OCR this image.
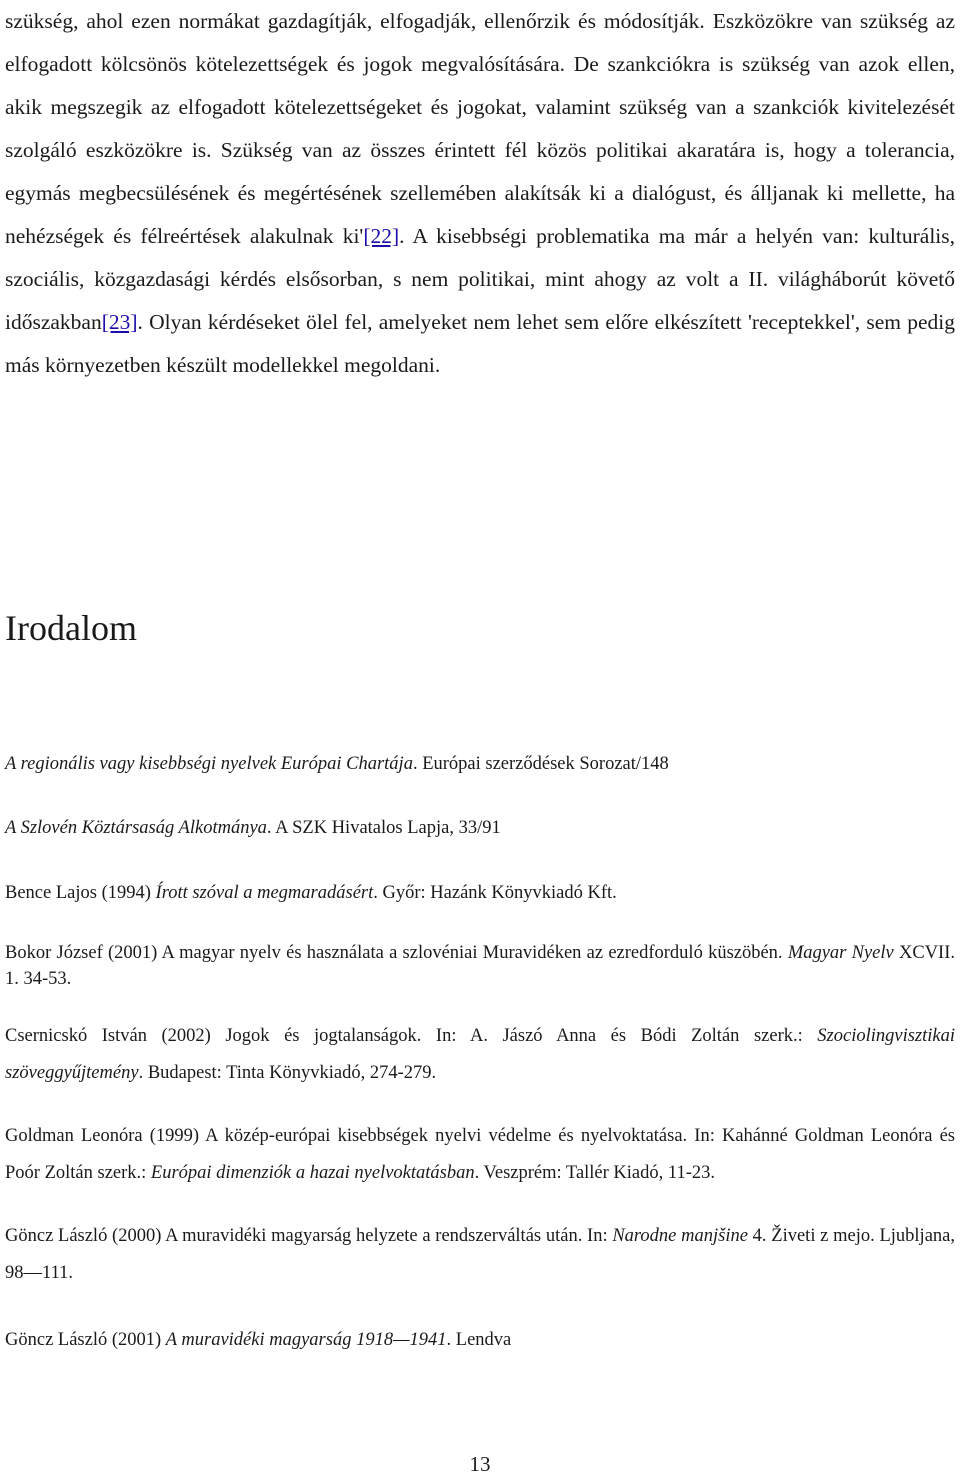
szükség, ahol ezen normákat gazdagítják, elfogadják, ellenőrzik és módosítják. Eszközökre van szükség az elfogadott kölcsönös kötelezettségek és jogok megvalósítására. De szankciókra is szükség van azok ellen, akik megszegik az elfogadott kötelezettségeket és jogokat, valamint szükség van a szankciók kivitelezését szolgáló eszközökre is. Szükség van az összes érintett fél közös politikai akaratára is, hogy a tolerancia, egymás megbecsülésének és megértésének szellemében alakítsák ki a dialógust, és álljanak ki mellette, ha nehézségek és félreértések alakulnak ki'[22]. A kisebbségi problematika ma már a helyén van: kulturális, szociális, közgazdasági kérdés elsősorban, s nem politikai, mint ahogy az volt a II. világháborút követő időszakban[23]. Olyan kérdéseket ölel fel, amelyeket nem lehet sem előre elkészített 'receptekkel', sem pedig más környezetben készült modellekkel megoldani.

Irodalom

A regionális vagy kisebbségi nyelvek Európai Chartája. Európai szerződések Sorozat/148

A Szlovén Köztársaság Alkotmánya. A SZK Hivatalos Lapja, 33/91

Bence Lajos (1994) Írott szóval a megmaradásért. Győr: Hazánk Könyvkiadó Kft.

Bokor József (2001) A magyar nyelv és használata a szlovéniai Muravidéken az ezredforduló küszöbén. Magyar Nyelv XCVII. 1. 34-53.

Csernicskó István (2002) Jogok és jogtalanságok. In: A. Jászó Anna és Bódi Zoltán szerk.: Szociolingvisztikai szöveggyűjtemény. Budapest: Tinta Könyvkiadó, 274-279.

Goldman Leonóra (1999) A közép-európai kisebbségek nyelvi védelme és nyelvoktatása. In: Kahánné Goldman Leonóra és Poór Zoltán szerk.: Európai dimenziók a hazai nyelvoktatásban. Veszprém: Tallér Kiadó, 11-23.

Göncz László (2000) A muravidéki magyarság helyzete a rendszerváltás után. In: Narodne manjšine 4. Živeti z mejo. Ljubljana, 98—111.

Göncz László (2001) A muravidéki magyarság 1918—1941. Lendva

13
